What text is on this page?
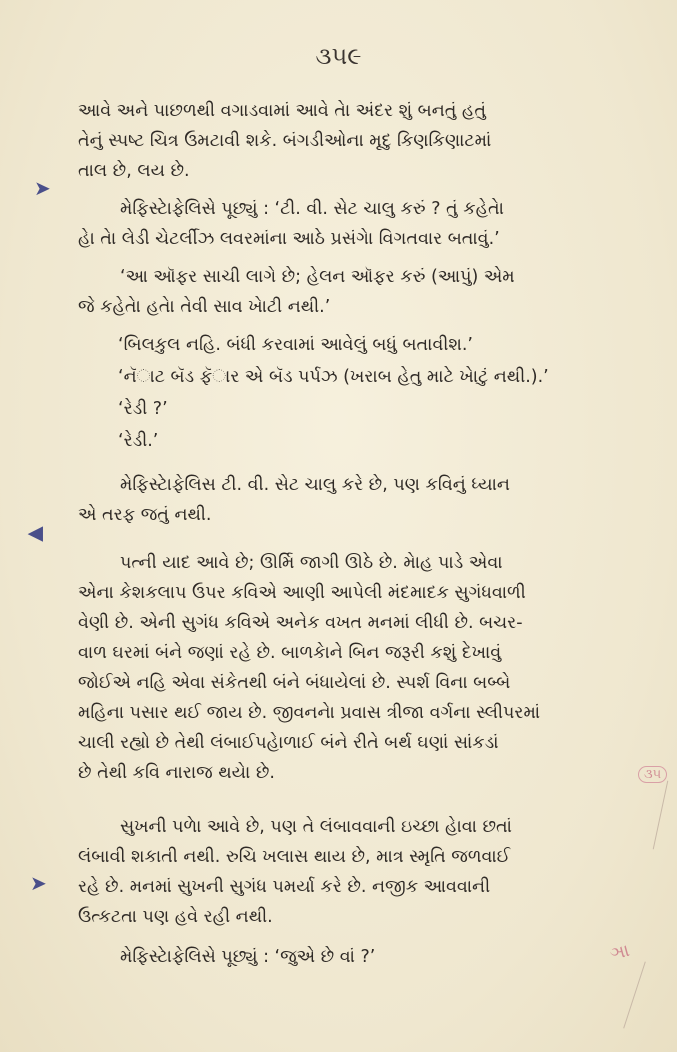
૩૫૯
આવે અને પાછળથી વગાડવામાં આવે તેા અંદર શું બનતું હતું
તેનું સ્પષ્ટ ચિત્ર ઉમટાવી શકે. બંગડીઓના મૃદુ કિણકિણાટમાં
તાલ છે, લય છે.
મેફિસ્ટેાફેલિસે પૂછ્યું : ‘ટી. વી. સેટ ચાલુ કરું ? તું કહેતેા
હેા તેા લેડી ચેટર્લીઝ લવરમાંના આઠે પ્રસંગેા વિગતવાર બતાવું.’
‘આ ઑફર સાચી લાગે છે; હેલન ઑફર કરું (આપું) એમ
જે કહેતેા હતેા તેવી સાવ ખેાટી નથી.’
‘બિલકુલ નહિ. બંધી કરવામાં આવેલું બધું બતાવીશ.’
‘નૅાટ બૅડ ફૅાર એ બૅડ પર્પઝ (ખરાબ હેતુ માટે ખેાટું નથી.).’
‘રેડી ?’
‘રેડી.’
મેફિસ્ટેાફેલિસ ટી. વી. સેટ ચાલુ કરે છે, પણ કવિનું ધ્યાન
એ તરફ જતું નથી.
પત્ની યાદ આવે છે; ઊર્મિ જાગી ઊઠે છે. મેાહ પાડે એવા
એના કેશકલાપ ઉપર કવિએ આણી આપેલી મંદમાદક સુગંધવાળી
વેણી છે. એની સુગંધ કવિએ અનેક વખત મનમાં લીધી છે. બચર-
વાળ ઘરમાં બંને જણાં રહે છે. બાળકેાને બિન જરૂરી કશું દેખાવું
જોઈએ નહિ એવા સંકેતથી બંને બંધાયેલાં છે. સ્પર્શ વિના બબ્બે
મહિના પસાર થઈ જાય છે. જીવનનેા પ્રવાસ ત્રીજા વર્ગના સ્લીપરમાં
ચાલી રહ્યો છે તેથી લંબાઈપહેાળાઈ બંને રીતે બર્થ ઘણાં સાંકડાં
છે તેથી કવિ નારાજ થયેા છે.
સુખની પળેા આવે છે, પણ તે લંબાવવાની ઇચ્છા હેાવા છતાં
લંબાવી શકાતી નથી. રુચિ ખલાસ થાય છે, માત્ર સ્મૃતિ જળવાઈ
રહે છે. મનમાં સુખની સુગંધ પમર્યા કરે છે. નજીક આવવાની
ઉત્કટતા પણ હવે રહી નથી.
મેફિસ્ટેાફેલિસે પૂછ્યું : ‘જુએ છે વાં ?’
➤
▲
➤
૩૫
ઞા
